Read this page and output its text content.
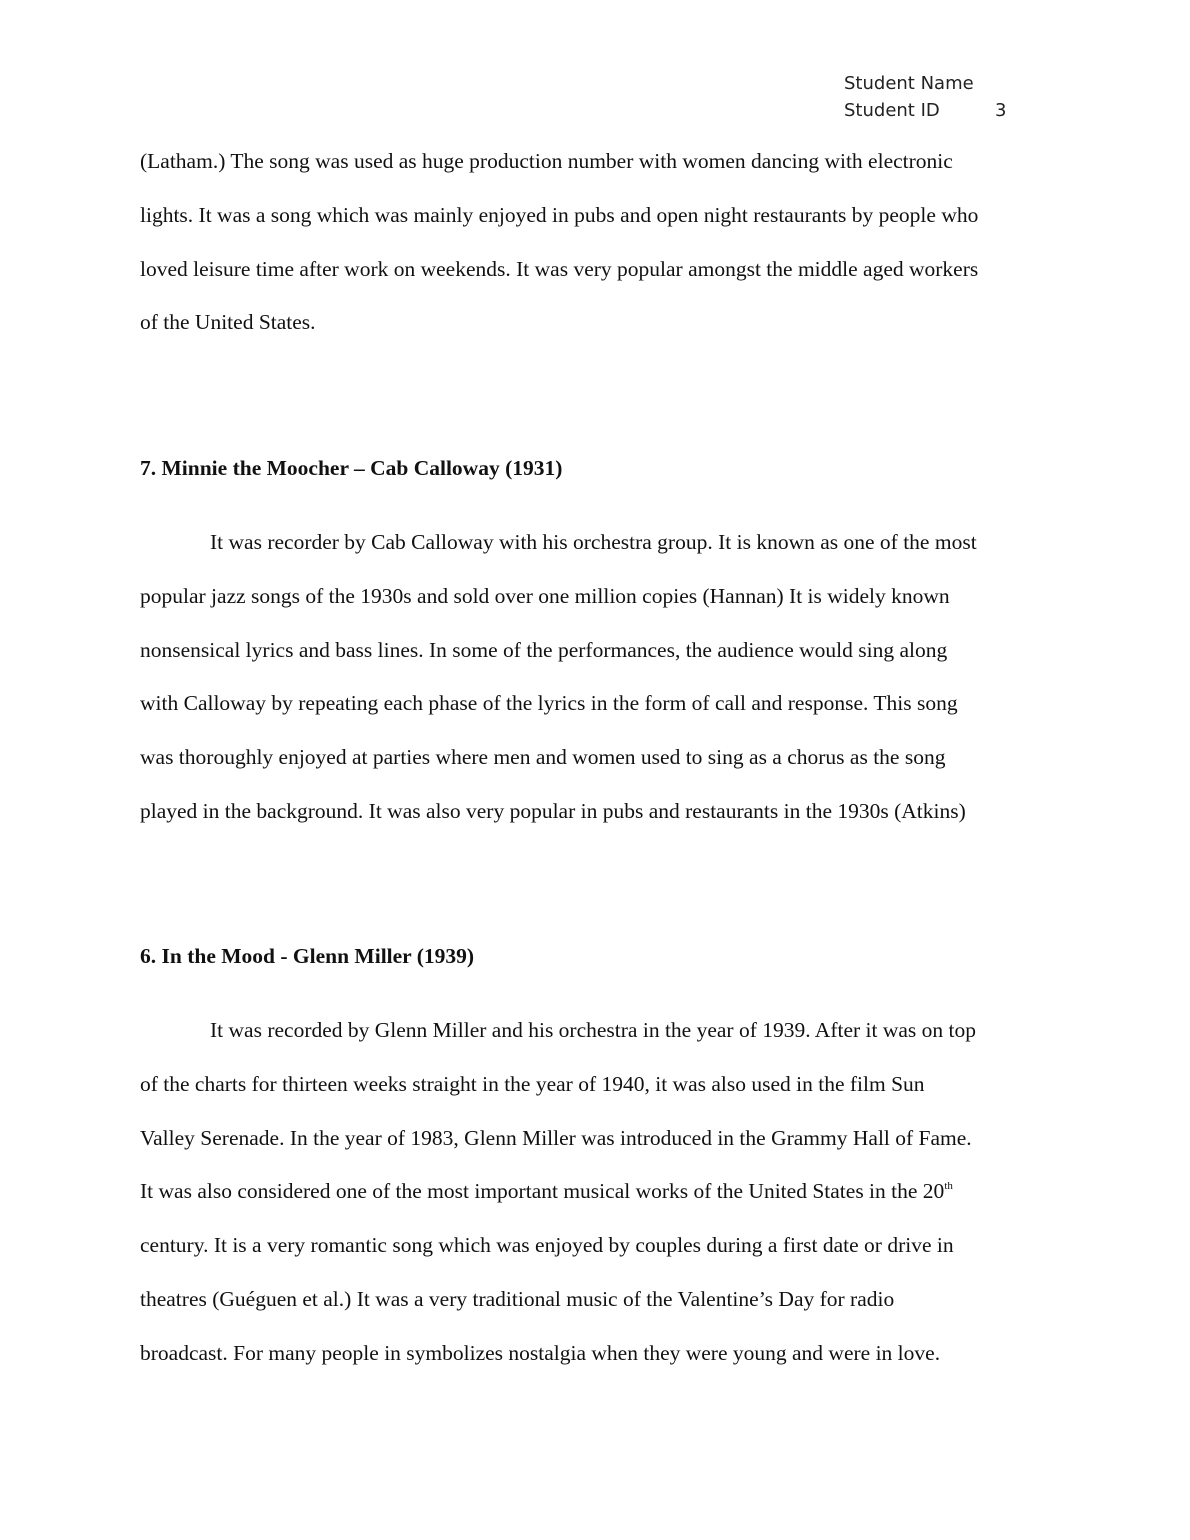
Student Name
Student ID	3
(Latham.) The song was used as huge production number with women dancing with electronic
lights. It was a song which was mainly enjoyed in pubs and open night restaurants by people who
loved leisure time after work on weekends. It was very popular amongst the middle aged workers
of the United States.
7. Minnie the Moocher – Cab Calloway (1931)
It was recorder by Cab Calloway with his orchestra group. It is known as one of the most
popular jazz songs of the 1930s and sold over one million copies (Hannan) It is widely known
nonsensical lyrics and bass lines. In some of the performances, the audience would sing along
with Calloway by repeating each phase of the lyrics in the form of call and response. This song
was thoroughly enjoyed at parties where men and women used to sing as a chorus as the song
played in the background. It was also very popular in pubs and restaurants in the 1930s (Atkins)
6. In the Mood - Glenn Miller (1939)
It was recorded by Glenn Miller and his orchestra in the year of 1939. After it was on top
of the charts for thirteen weeks straight in the year of 1940, it was also used in the film Sun
Valley Serenade. In the year of 1983, Glenn Miller was introduced in the Grammy Hall of Fame.
It was also considered one of the most important musical works of the United States in the 20th
century. It is a very romantic song which was enjoyed by couples during a first date or drive in
theatres (Guéguen et al.) It was a very traditional music of the Valentine’s Day for radio
broadcast. For many people in symbolizes nostalgia when they were young and were in love.
